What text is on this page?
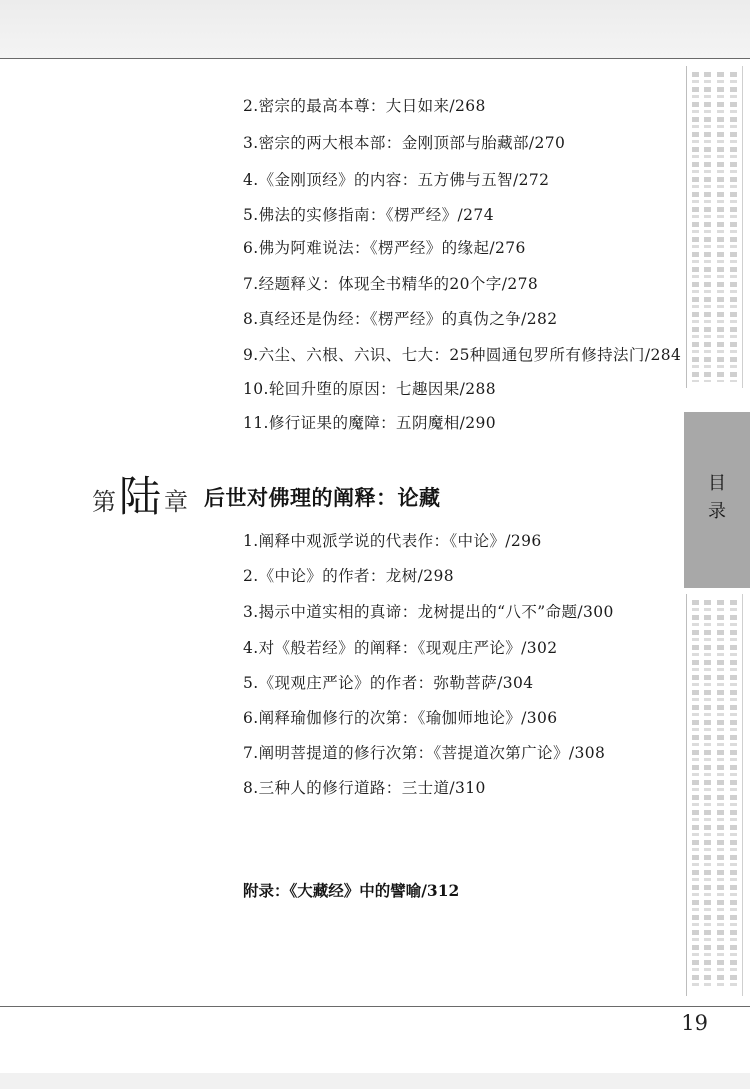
目
录
2.密宗的最高本尊：大日如来/268
3.密宗的两大根本部：金刚顶部与胎藏部/270
4.《金刚顶经》的内容：五方佛与五智/272
5.佛法的实修指南：《楞严经》/274
6.佛为阿难说法：《楞严经》的缘起/276
7.经题释义：体现全书精华的20个字/278
8.真经还是伪经：《楞严经》的真伪之争/282
9.六尘、六根、六识、七大：25种圆通包罗所有修持法门/284
10.轮回升堕的原因：七趣因果/288
11.修行证果的魔障：五阴魔相/290
第 陆 章 后世对佛理的阐释：论藏
1.阐释中观派学说的代表作：《中论》/296
2.《中论》的作者：龙树/298
3.揭示中道实相的真谛：龙树提出的“八不”命题/300
4.对《般若经》的阐释：《现观庄严论》/302
5.《现观庄严论》的作者：弥勒菩萨/304
6.阐释瑜伽修行的次第：《瑜伽师地论》/306
7.阐明菩提道的修行次第：《菩提道次第广论》/308
8.三种人的修行道路：三士道/310
附录：《大藏经》中的譬喻/312
19
